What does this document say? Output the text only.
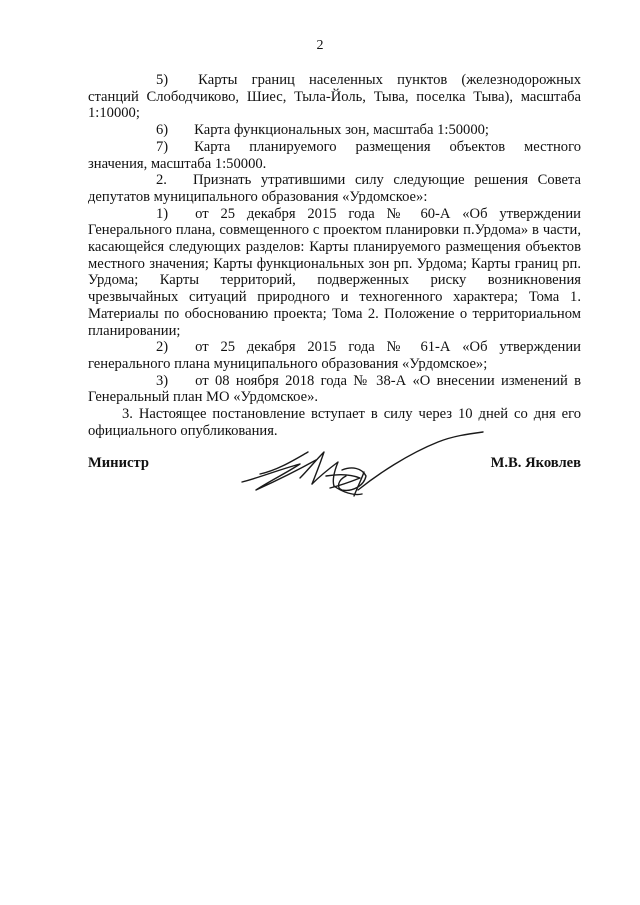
2

5) Карты границ населенных пунктов (железнодорожных станций Слободчиково, Шиес, Тыла-Йоль, Тыва, поселка Тыва), масштаба 1:10000;

6) Карта функциональных зон, масштаба 1:50000;

7) Карта планируемого размещения объектов местного значения, масштаба 1:50000.

2. Признать утратившими силу следующие решения Совета депутатов муниципального образования «Урдомское»:

1) от 25 декабря 2015 года № 60-А «Об утверждении Генерального плана, совмещенного с проектом планировки п.Урдома» в части, касающейся следующих разделов: Карты планируемого размещения объектов местного значения; Карты функциональных зон рп. Урдома; Карты границ рп. Урдома; Карты территорий, подверженных риску возникновения чрезвычайных ситуаций природного и техногенного характера; Тома 1. Материалы по обоснованию проекта; Тома 2. Положение о территориальном планировании;

2) от 25 декабря 2015 года № 61-А «Об утверждении генерального плана муниципального образования «Урдомское»;

3) от 08 ноября 2018 года № 38-А «О внесении изменений в Генеральный план МО «Урдомское».

3. Настоящее постановление вступает в силу через 10 дней со дня его официального опубликования.

Министр	М.В. Яковлев
